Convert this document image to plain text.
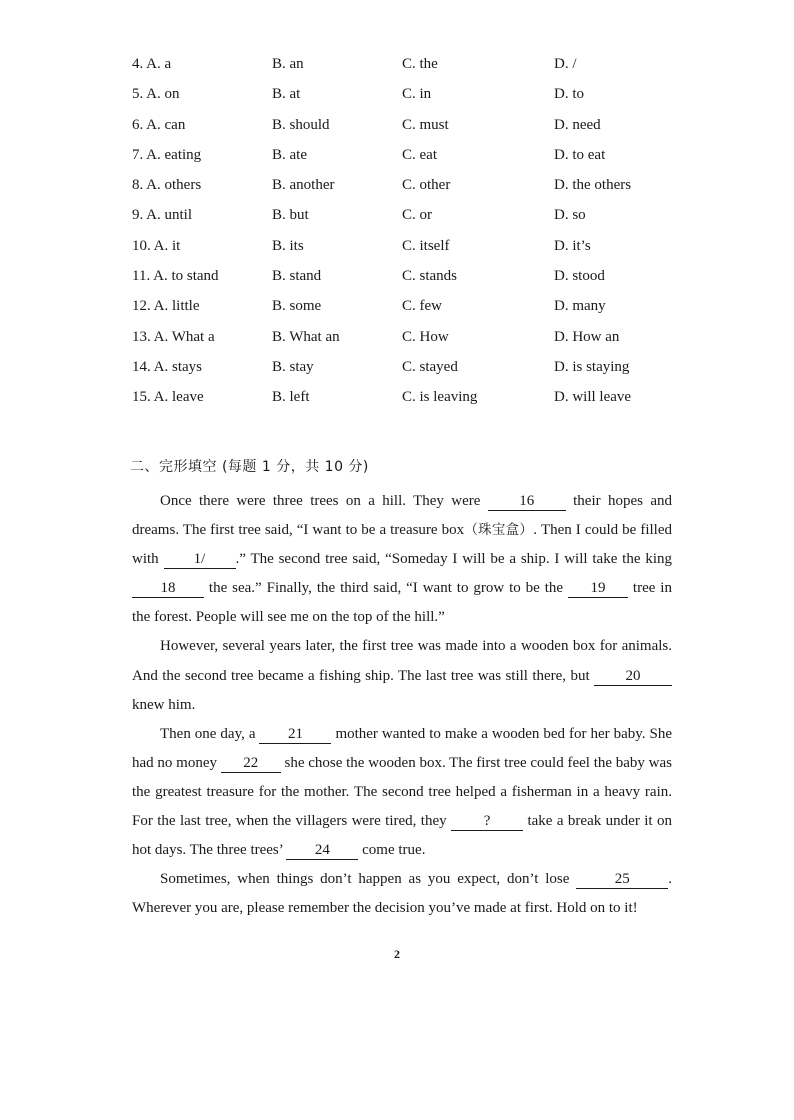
4. A. a	B. an	C. the	D. /
5. A. on	B. at	C. in	D. to
6. A. can	B. should	C. must	D. need
7. A. eating	B. ate	C. eat	D. to eat
8. A. others	B. another	C. other	D. the others
9. A. until	B. but	C. or	D. so
10. A. it	B. its	C. itself	D. it’s
11. A. to stand	B. stand	C. stands	D. stood
12. A. little	B. some	C. few	D. many
13. A. What a	B. What an	C. How	D. How an
14. A. stays	B. stay	C. stayed	D. is staying
15. A. leave	B. left	C. is leaving	D. will leave
二、完形填空 (每题 1 分，共 10 分)

Once there were three trees on a hill. They were 16 their hopes and dreams. The first tree said, “I want to be a treasure box（珠宝盒）. Then I could be filled with 1/ .” The second tree said, “Someday I will be a ship. I will take the king 18 the sea.” Finally, the third said, “I want to grow to be the 19 tree in the forest. People will see me on the top of the hill.”

However, several years later, the first tree was made into a wooden box for animals. And the second tree became a fishing ship. The last tree was still there, but 20 knew him.

Then one day, a 21 mother wanted to make a wooden bed for her baby. She had no money 22 she chose the wooden box. The first tree could feel the baby was the greatest treasure for the mother. The second tree helped a fisherman in a heavy rain. For the last tree, when the villagers were tired, they ? take a break under it on hot days. The three trees’ 24 come true.

Sometimes, when things don’t happen as you expect, don’t lose	25	. Wherever you are, please remember the decision you’ve made at first. Hold on to it!

2
